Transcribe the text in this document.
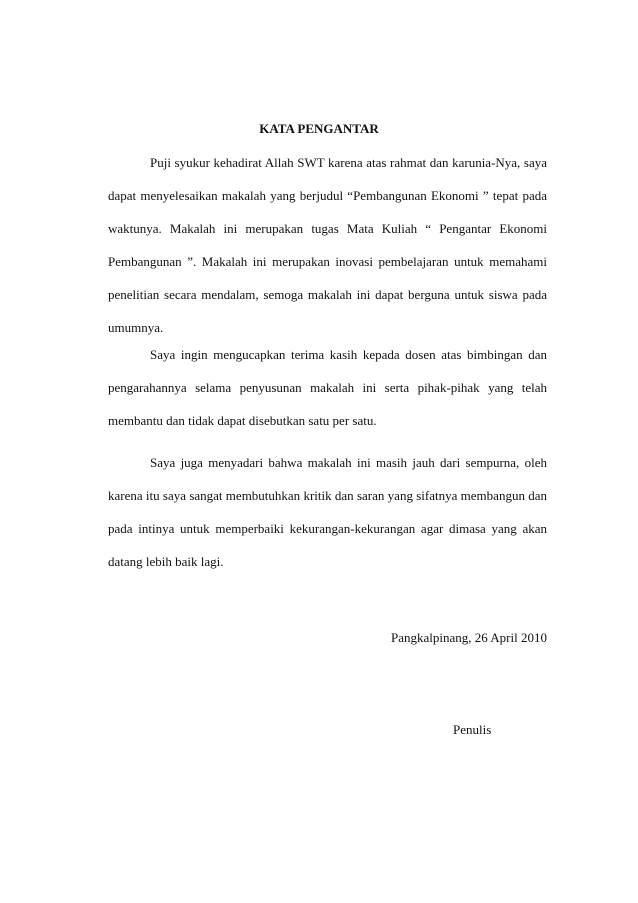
KATA PENGANTAR

Puji syukur kehadirat Allah SWT karena atas rahmat dan karunia-Nya, saya dapat menyelesaikan makalah yang berjudul “Pembangunan Ekonomi ” tepat pada waktunya. Makalah ini merupakan tugas Mata Kuliah “ Pengantar Ekonomi Pembangunan ”. Makalah ini merupakan inovasi pembelajaran untuk memahami penelitian secara mendalam, semoga makalah ini dapat berguna untuk siswa pada umumnya.

Saya ingin mengucapkan terima kasih kepada dosen atas bimbingan dan pengarahannya selama penyusunan makalah ini serta pihak-pihak yang telah membantu dan tidak dapat disebutkan satu per satu.

Saya juga menyadari bahwa makalah ini masih jauh dari sempurna, oleh karena itu saya sangat membutuhkan kritik dan saran yang sifatnya membangun dan pada intinya untuk memperbaiki kekurangan-kekurangan agar dimasa yang akan datang lebih baik lagi.

Pangkalpinang, 26 April 2010
Penulis
